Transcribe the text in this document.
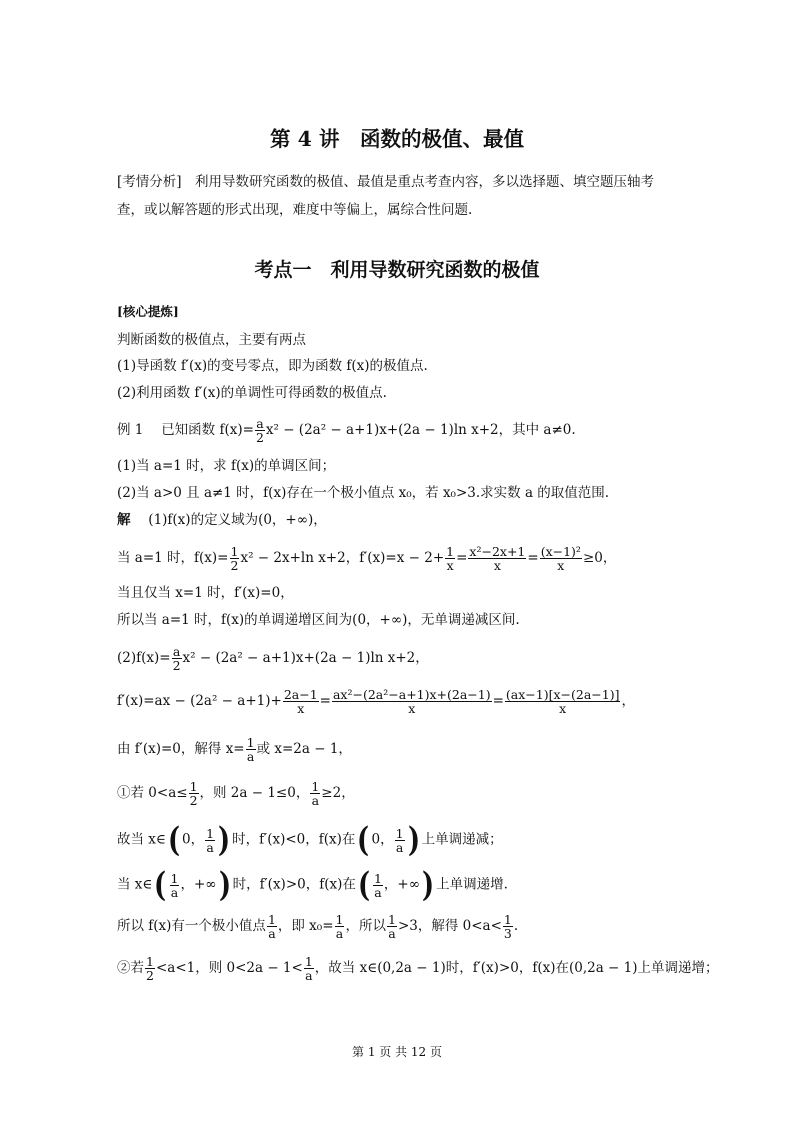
第 4 讲　函数的极值、最值
[考情分析]　利用导数研究函数的极值、最值是重点考查内容，多以选择题、填空题压轴考
查，或以解答题的形式出现，难度中等偏上，属综合性问题.
考点一　利用导数研究函数的极值
[核心提炼]
判断函数的极值点，主要有两点
(1)导函数 f′(x)的变号零点，即为函数 f(x)的极值点.
(2)利用函数 f′(x)的单调性可得函数的极值点.
例 1　 已知函数 $f(x)= \frac{a}{2} x^2 - (2a^2 - a+1)x+(2a - 1)\ln$ x+2，其中 a≠0.
(1)当 a=1 时，求 f(x)的单调区间；
(2)当 a>0 且 a≠1 时，f(x)存在一个极小值点 x₀，若 x₀>3.求实数 a 的取值范围.
解　 (1)f(x)的定义域为(0，+∞)，
当 a=1 时，$f(x)= \frac{1}{2} x^2 - 2x+\ln$ x+2，$f'(x)=x - 2+ \frac{1}{x} = \frac{\text{x²−2x+1}}{x} = \frac{\text{(x−1)²}}{x} \ge 0$，
当且仅当 x=1 时，f′(x)=0，
所以当 a=1 时，f(x)的单调递增区间为(0，+∞)，无单调递减区间.
$(2)f(x)= \frac{a}{2} x^2 - (2a^2 - a+1)x+(2a - 1)\ln$ x+2，
$f'(x)=ax - (2a^2 - a+1)+ \frac{2a-1}{x} = \frac{\text{ax²−(2a²−a+1)x+(2a−1)}}{x} = \frac{(ax-1)[x-(2a-1)]}{x}$ ，
由 f′(x)=0，解得 $x= \frac{1}{a}$ 或 x=2a − 1，
①若 $0<a\le \frac{1}{2}$ ，则 2a − 1≤0， $\frac{1}{a} \ge 2$，
故当 x∈( 0， $\frac{1}{a}$ ) 时，f′(x)<0，f(x)在( 0， $\frac{1}{a}$ ) 上单调递减；
当 x∈( $\frac{1}{a}$ ，+∞) 时，f′(x)>0，f(x)在( $\frac{1}{a}$ ，+∞) 上单调递增.
所以 f(x)有一个极小值点 $\frac{1}{a}$ ，即 $x_0= \frac{1}{a}$ ，所以 $\frac{1}{a} >3$，解得 $0<a< \frac{1}{3}$ .
②若 $\frac{1}{2} <a<1$，则 $0<2a - 1< \frac{1}{a}$ ，故当 x∈(0,2a − 1)时，f′(x)>0，f(x)在(0,2a − 1)上单调递增；
第 1 页 共 12 页
